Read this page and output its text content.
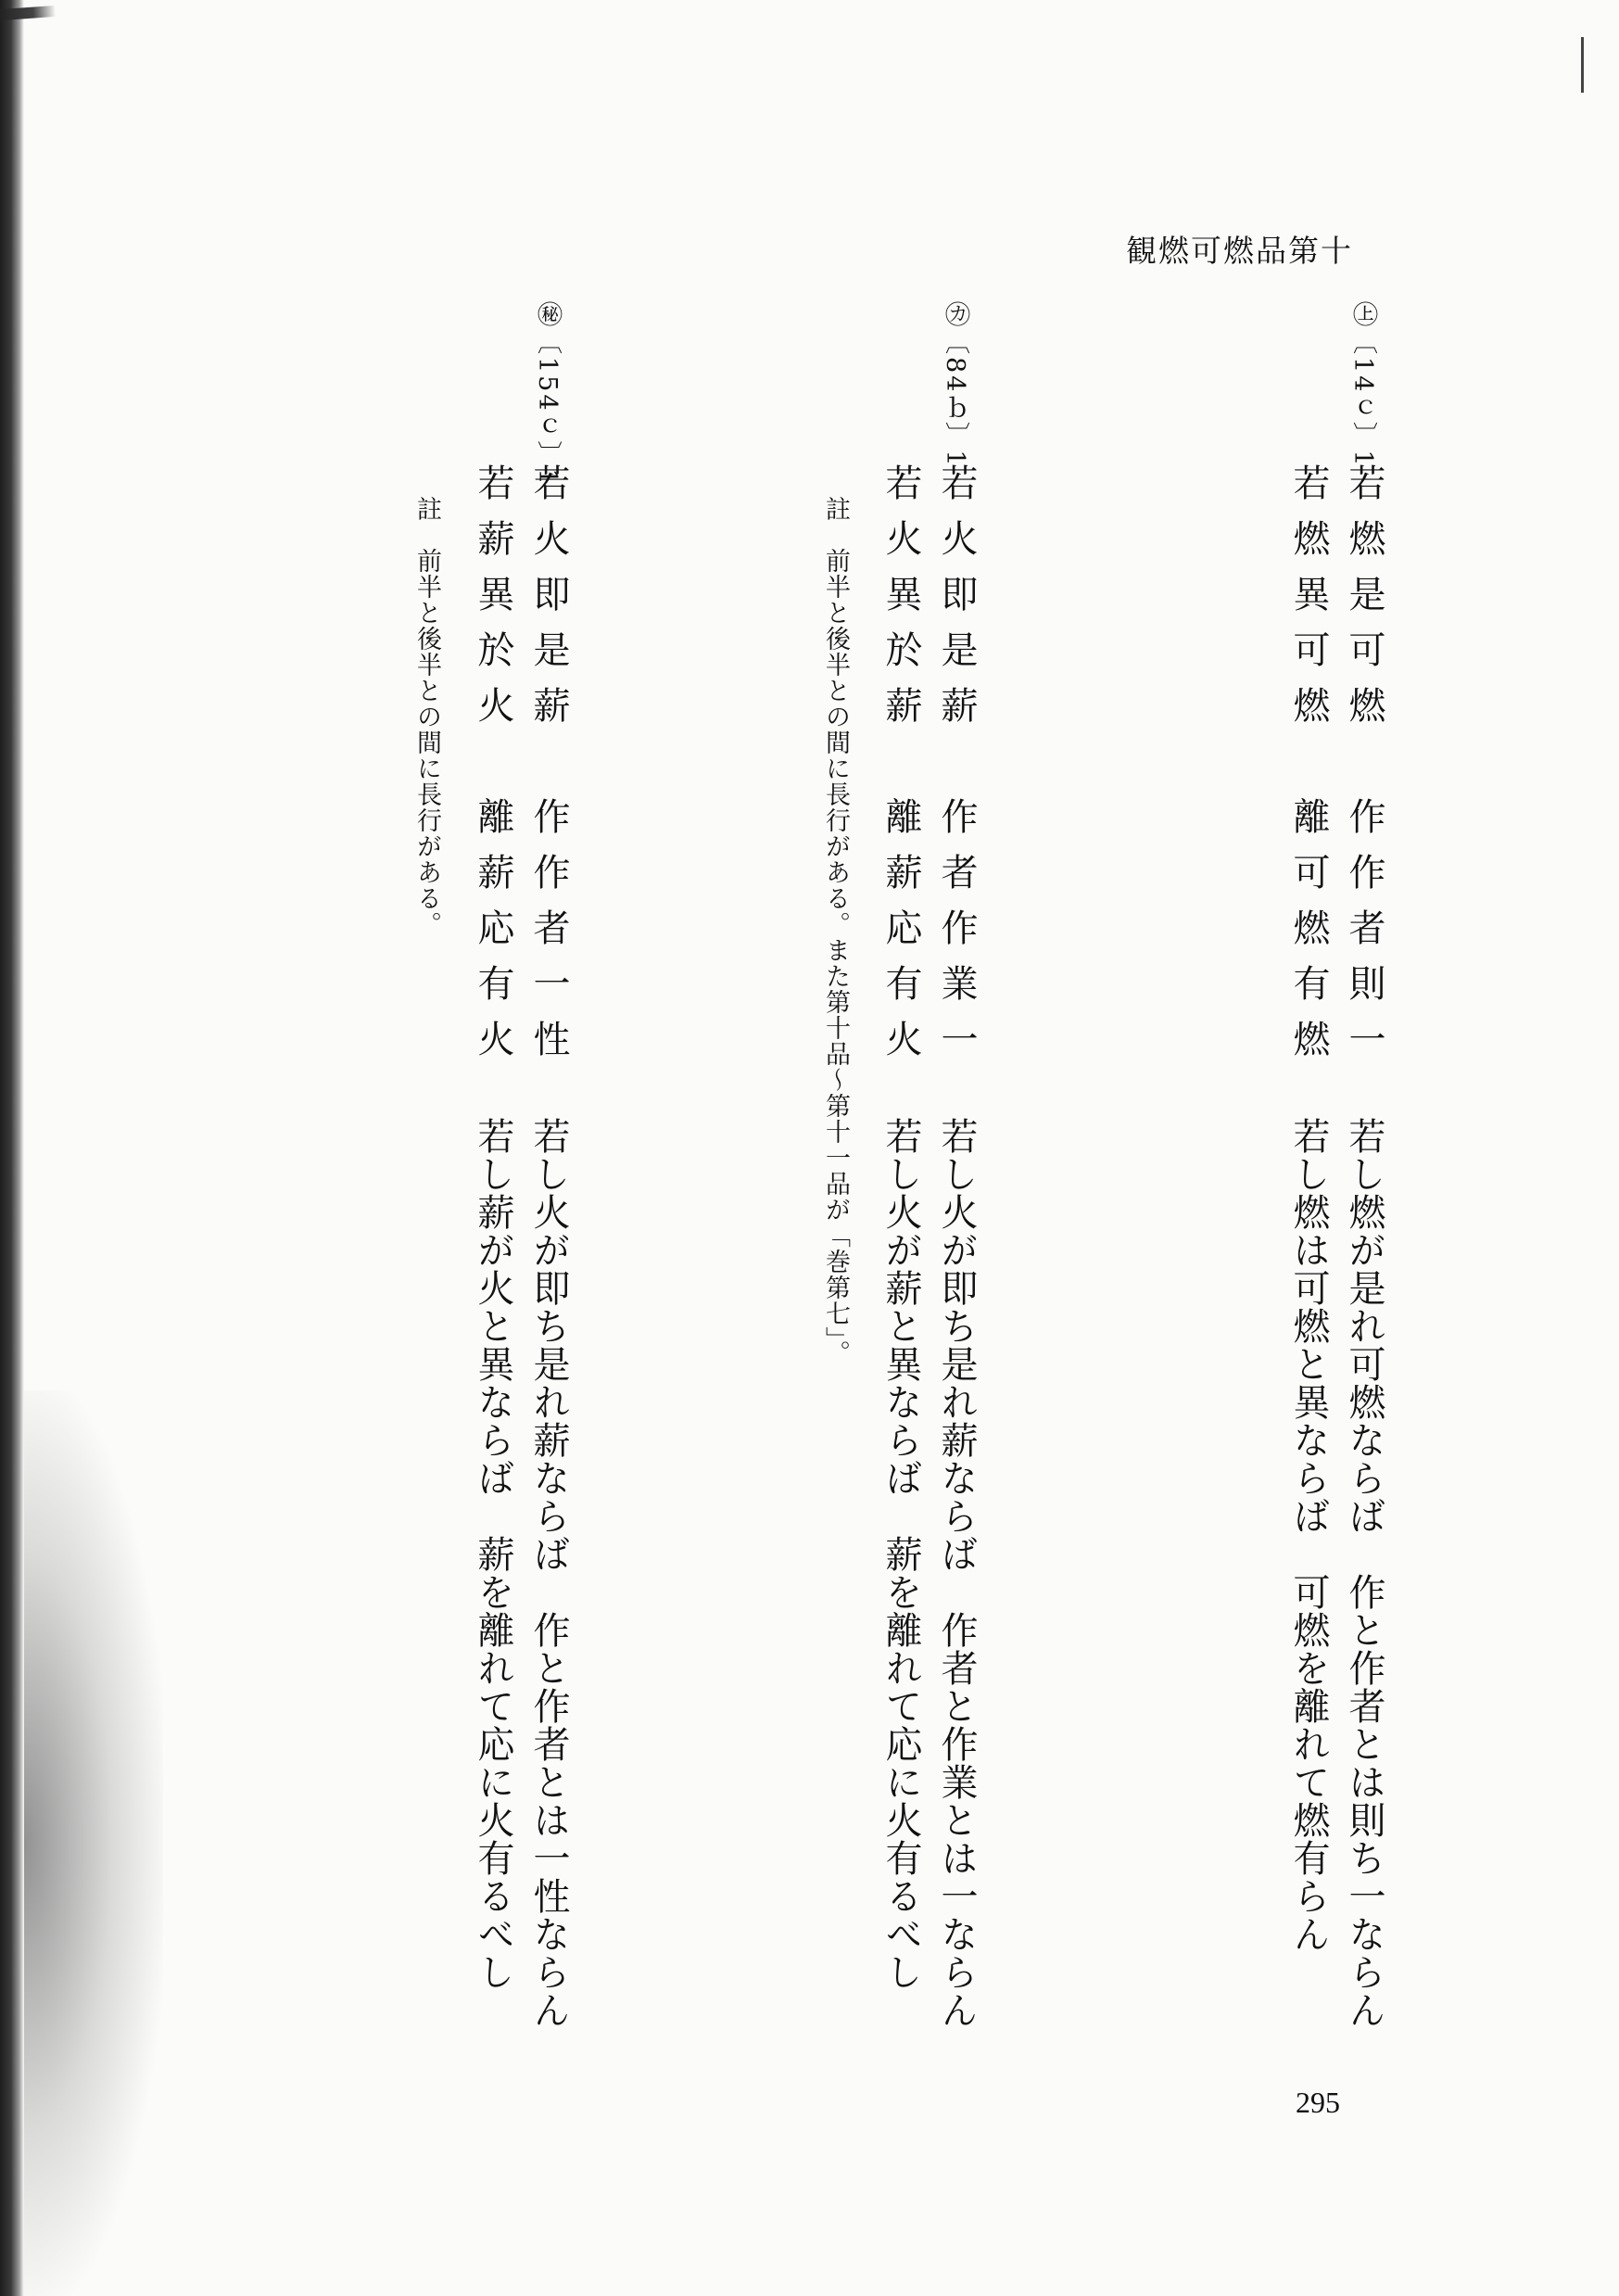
観燃可燃品第十
㊤〔14ｃ〕1
若燃是可燃　作作者則一
若燃異可燃　離可燃有燃
若し燃が是れ可燃ならば　作と作者とは則ち一ならん
若し燃は可燃と異ならば　可燃を離れて燃有らん
㋕〔84ｂ〕1
若火即是薪　作者作業一
若火異於薪　離薪応有火
註　前半と後半との間に長行がある。また第十品〜第十一品が「巻第七」。
若し火が即ち是れ薪ならば　作者と作業とは一ならん
若し火が薪と異ならば　薪を離れて応に火有るべし
㊙〔154ｃ〕1
若火即是薪　作作者一性
若薪異於火　離薪応有火
註　前半と後半との間に長行がある。
若し火が即ち是れ薪ならば　作と作者とは一性ならん
若し薪が火と異ならば　薪を離れて応に火有るべし
295
